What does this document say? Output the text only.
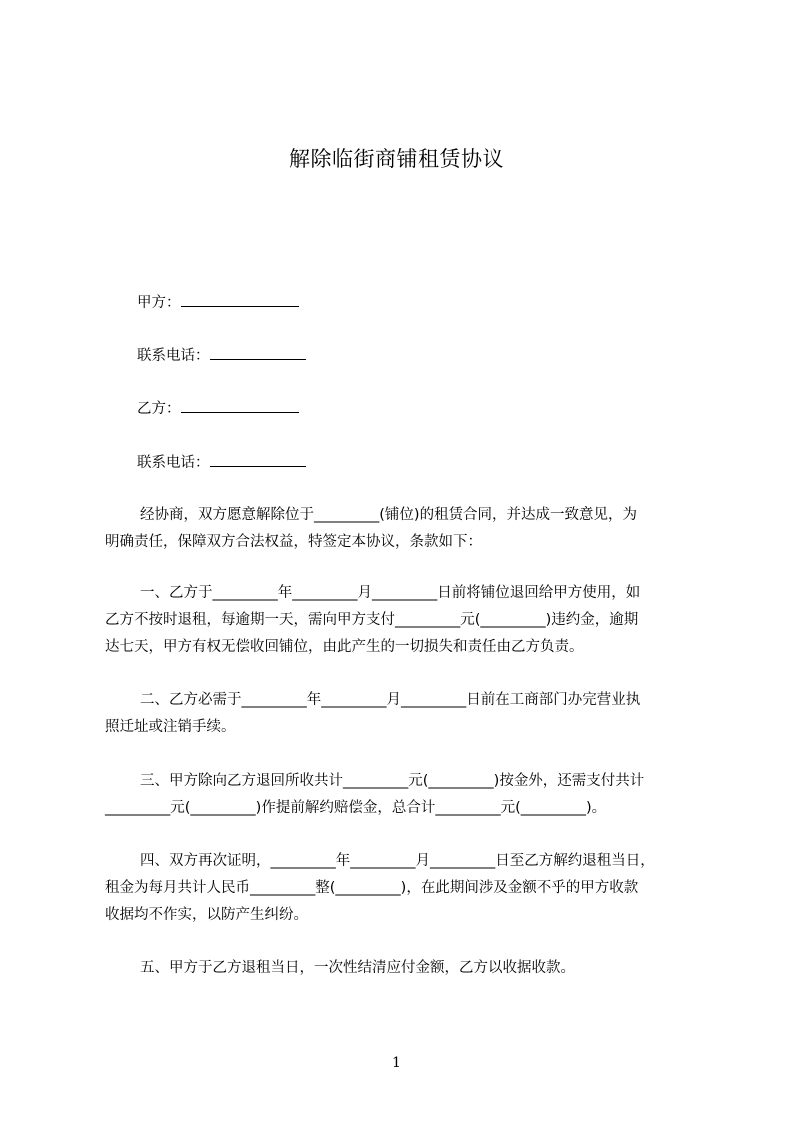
解除临街商铺租赁协议
甲方：
联系电话：
乙方：
联系电话：
经协商，双方愿意解除位于_________(铺位)的租赁合同，并达成一致意见，为
明确责任，保障双方合法权益，特签定本协议，条款如下：
一、乙方于_________年_________月_________日前将铺位退回给甲方使用，如
乙方不按时退租，每逾期一天，需向甲方支付_________元(_________)违约金，逾期
达七天，甲方有权无偿收回铺位，由此产生的一切损失和责任由乙方负责。
二、乙方必需于_________年_________月_________日前在工商部门办完营业执
照迁址或注销手续。
三、甲方除向乙方退回所收共计_________元(_________)按金外，还需支付共计
_________元(_________)作提前解约赔偿金，总合计_________元(_________)。
四、双方再次证明，_________年_________月_________日至乙方解约退租当日，
租金为每月共计人民币_________整(_________)，在此期间涉及金额不乎的甲方收款
收据均不作实，以防产生纠纷。
五、甲方于乙方退租当日，一次性结清应付金额，乙方以收据收款。
1
